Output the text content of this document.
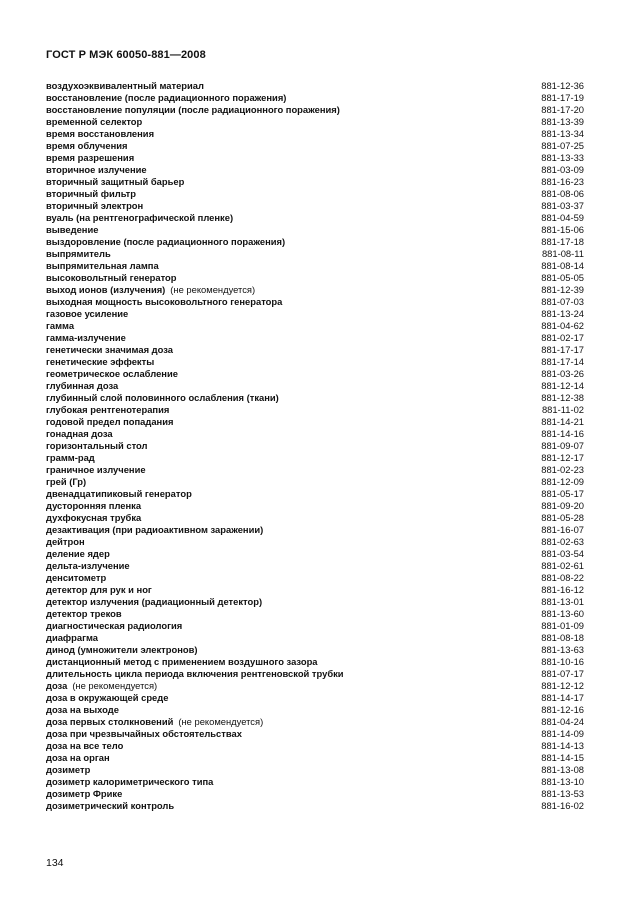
ГОСТ Р МЭК 60050-881—2008
воздухоэквивалентный материал	881-12-36
восстановление (после радиационного поражения)	881-17-19
восстановление популяции (после радиационного поражения)	881-17-20
временной селектор	881-13-39
время восстановления	881-13-34
время облучения	881-07-25
время разрешения	881-13-33
вторичное излучение	881-03-09
вторичный защитный барьер	881-16-23
вторичный фильтр	881-08-06
вторичный электрон	881-03-37
вуаль (на рентгенографической пленке)	881-04-59
выведение	881-15-06
выздоровление (после радиационного поражения)	881-17-18
выпрямитель	881-08-11
выпрямительная лампа	881-08-14
высоковольтный генератор	881-05-05
выход ионов (излучения) (не рекомендуется)	881-12-39
выходная мощность высоковольтного генератора	881-07-03
газовое усиление	881-13-24
гамма	881-04-62
гамма-излучение	881-02-17
генетически значимая доза	881-17-17
генетические эффекты	881-17-14
геометрическое ослабление	881-03-26
глубинная доза	881-12-14
глубинный слой половинного ослабления (ткани)	881-12-38
глубокая рентгенотерапия	881-11-02
годовой предел попадания	881-14-21
гонадная доза	881-14-16
горизонтальный стол	881-09-07
грамм-рад	881-12-17
граничное излучение	881-02-23
грей (Гр)	881-12-09
двенадцатипиковый генератор	881-05-17
дусторонняя пленка	881-09-20
духфокусная трубка	881-05-28
дезактивация (при радиоактивном заражении)	881-16-07
дейтрон	881-02-63
деление ядер	881-03-54
дельта-излучение	881-02-61
денситометр	881-08-22
детектор для рук и ног	881-16-12
детектор излучения (радиационный детектор)	881-13-01
детектор треков	881-13-60
диагностическая радиология	881-01-09
диафрагма	881-08-18
динод (умножители электронов)	881-13-63
дистанционный метод с применением воздушного зазора	881-10-16
длительность цикла периода включения рентгеновской трубки	881-07-17
доза (не рекомендуется)	881-12-12
доза в окружающей среде	881-14-17
доза на выходе	881-12-16
доза первых столкновений (не рекомендуется)	881-04-24
доза при чрезвычайных обстоятельствах	881-14-09
доза на все тело	881-14-13
доза на орган	881-14-15
дозиметр	881-13-08
дозиметр калориметрического типа	881-13-10
дозиметр Фрике	881-13-53
дозиметрический контроль	881-16-02
134
